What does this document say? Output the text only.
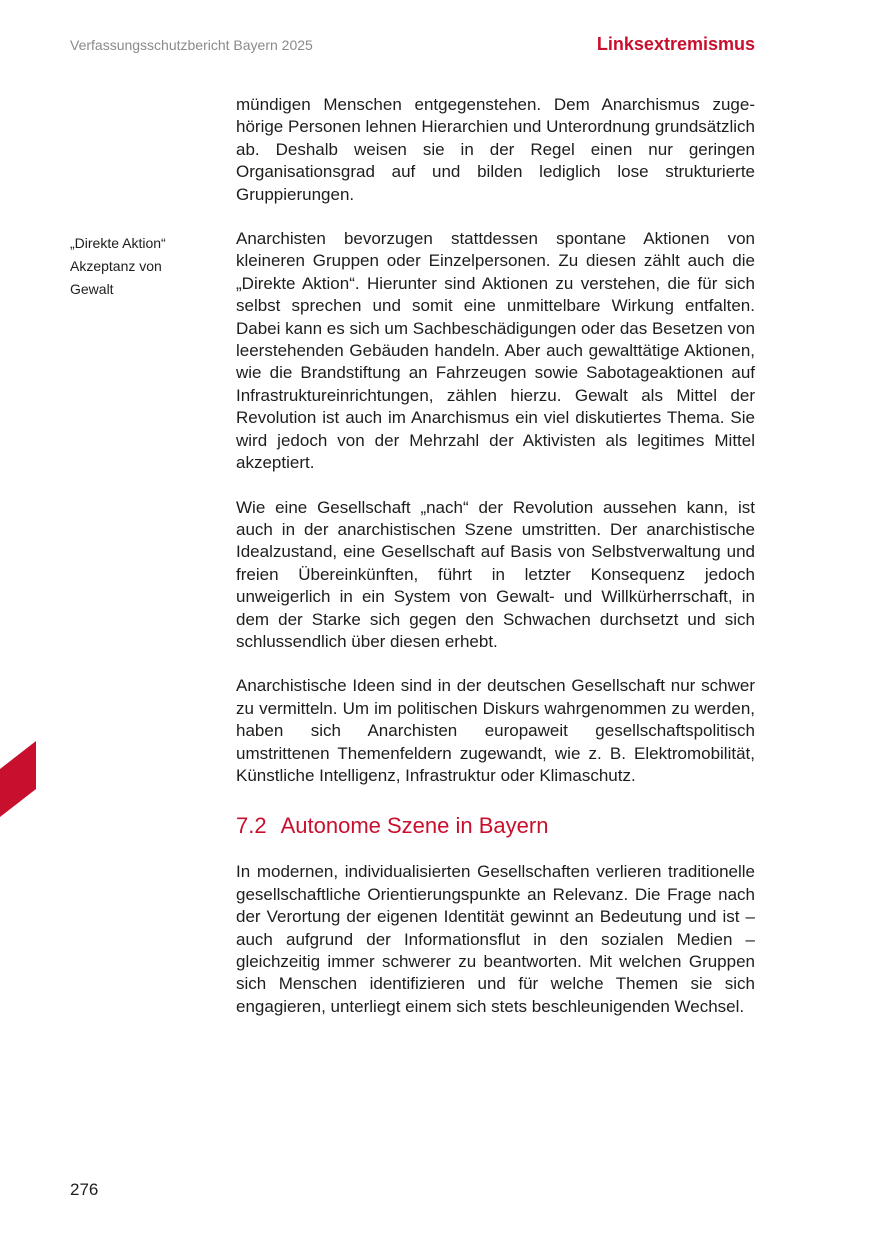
Verfassungsschutzbericht Bayern 2025	Linksextremismus
„Direkte Aktion“
Akzeptanz von
Gewalt

mündigen Menschen entgegenstehen. Dem Anarchismus zugehörige Personen lehnen Hierarchien und Unterordnung grundsätzlich ab. Deshalb weisen sie in der Regel einen nur geringen Organisationsgrad auf und bilden lediglich lose strukturierte Gruppierungen.

Anarchisten bevorzugen stattdessen spontane Aktionen von kleineren Gruppen oder Einzelpersonen. Zu diesen zählt auch die „Direkte Aktion“. Hierunter sind Aktionen zu verstehen, die für sich selbst sprechen und somit eine unmittelbare Wirkung entfalten. Dabei kann es sich um Sachbeschädigungen oder das Besetzen von leerstehenden Gebäuden handeln. Aber auch gewalttätige Aktionen, wie die Brandstiftung an Fahrzeugen sowie Sabotageaktionen auf Infrastruktureinrichtungen, zählen hierzu. Gewalt als Mittel der Revolution ist auch im Anarchismus ein viel diskutiertes Thema. Sie wird jedoch von der Mehrzahl der Aktivisten als legitimes Mittel akzeptiert.

Wie eine Gesellschaft „nach“ der Revolution aussehen kann, ist auch in der anarchistischen Szene umstritten. Der anarchistische Idealzustand, eine Gesellschaft auf Basis von Selbstverwaltung und freien Übereinkünften, führt in letzter Konsequenz jedoch unweigerlich in ein System von Gewalt- und Willkürherrschaft, in dem der Starke sich gegen den Schwachen durchsetzt und sich schlussendlich über diesen erhebt.

Anarchistische Ideen sind in der deutschen Gesellschaft nur schwer zu vermitteln. Um im politischen Diskurs wahrgenommen zu werden, haben sich Anarchisten europaweit gesellschaftspolitisch umstrittenen Themenfeldern zugewandt, wie z. B. Elektromobilität, Künstliche Intelligenz, Infrastruktur oder Klimaschutz.

7.2 Autonome Szene in Bayern

In modernen, individualisierten Gesellschaften verlieren traditionelle gesellschaftliche Orientierungspunkte an Relevanz. Die Frage nach der Verortung der eigenen Identität gewinnt an Bedeutung und ist – auch aufgrund der Informationsflut in den sozialen Medien – gleichzeitig immer schwerer zu beantworten. Mit welchen Gruppen sich Menschen identifizieren und für welche Themen sie sich engagieren, unterliegt einem sich stets beschleunigenden Wechsel.

276
